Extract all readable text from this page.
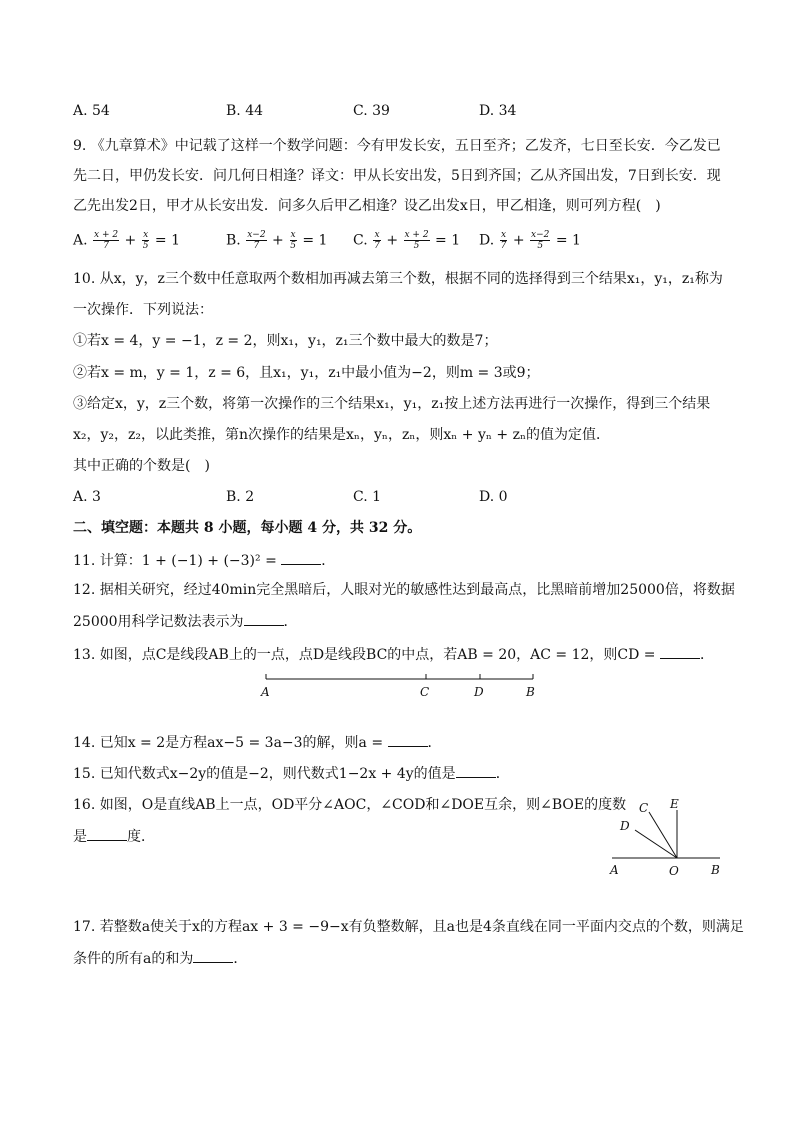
A. 54	B. 44	C. 39	D. 34
9. 《九章算术》中记载了这样一个数学问题：今有甲发长安，五日至齐；乙发齐，七日至长安．今乙发已
先二日，甲仍发长安．问几何日相逢？译文：甲从长安出发，5日到齐国；乙从齐国出发，7日到长安．现
乙先出发2日，甲才从长安出发．问多久后甲乙相逢？设乙出发x日，甲乙相逢，则可列方程(　)
A. $\frac{x + 2}{7} + \frac{x}{5} = 1$	B. $\frac{x-2}{7} + \frac{x}{5} = 1$ C. $\frac{x}{7} + \frac{x + 2}{5} = 1$ D. $\frac{x}{7} + \frac{x-2}{5} = 1$
10. 从x，y，z三个数中任意取两个数相加再减去第三个数，根据不同的选择得到三个结果x₁，y₁，z₁称为
一次操作．下列说法：
①若x = 4，y = −1，z = 2，则x₁，y₁，z₁三个数中最大的数是7；
②若x = m，y = 1，z = 6，且x₁，y₁，z₁中最小值为−2，则m = 3或9；
③给定x，y，z三个数，将第一次操作的三个结果x₁，y₁，z₁按上述方法再进行一次操作，得到三个结果
x₂，y₂，z₂，以此类推，第n次操作的结果是xₙ，yₙ，zₙ，则xₙ + yₙ + zₙ的值为定值．
其中正确的个数是(　)
A. 3	B. 2	C. 1	D. 0
二、填空题：本题共 8 小题，每小题 4 分，共 32 分。
11. 计算：1 + (−1) + (−3)² =	．
12. 据相关研究，经过40min完全黑暗后，人眼对光的敏感性达到最高点，比黑暗前增加25000倍，将数据
25000用科学记数法表示为	．
13. 如图，点C是线段AB上的一点，点D是线段BC的中点，若AB = 20，AC = 12，则CD =	．
A	C	D	B
14. 已知x = 2是方程ax−5 = 3a−3的解，则a =	．
15. 已知代数式x−2y的值是−2，则代数式1−2x + 4y的值是	．
16. 如图，O是直线AB上一点，OD平分∠AOC，∠COD和∠DOE互余，则∠BOE的度数
是	度．
C E
D
A	O	B
17. 若整数a使关于x的方程ax + 3 = −9−x有负整数解，且a也是4条直线在同一平面内交点的个数，则满足
条件的所有a的和为	．
